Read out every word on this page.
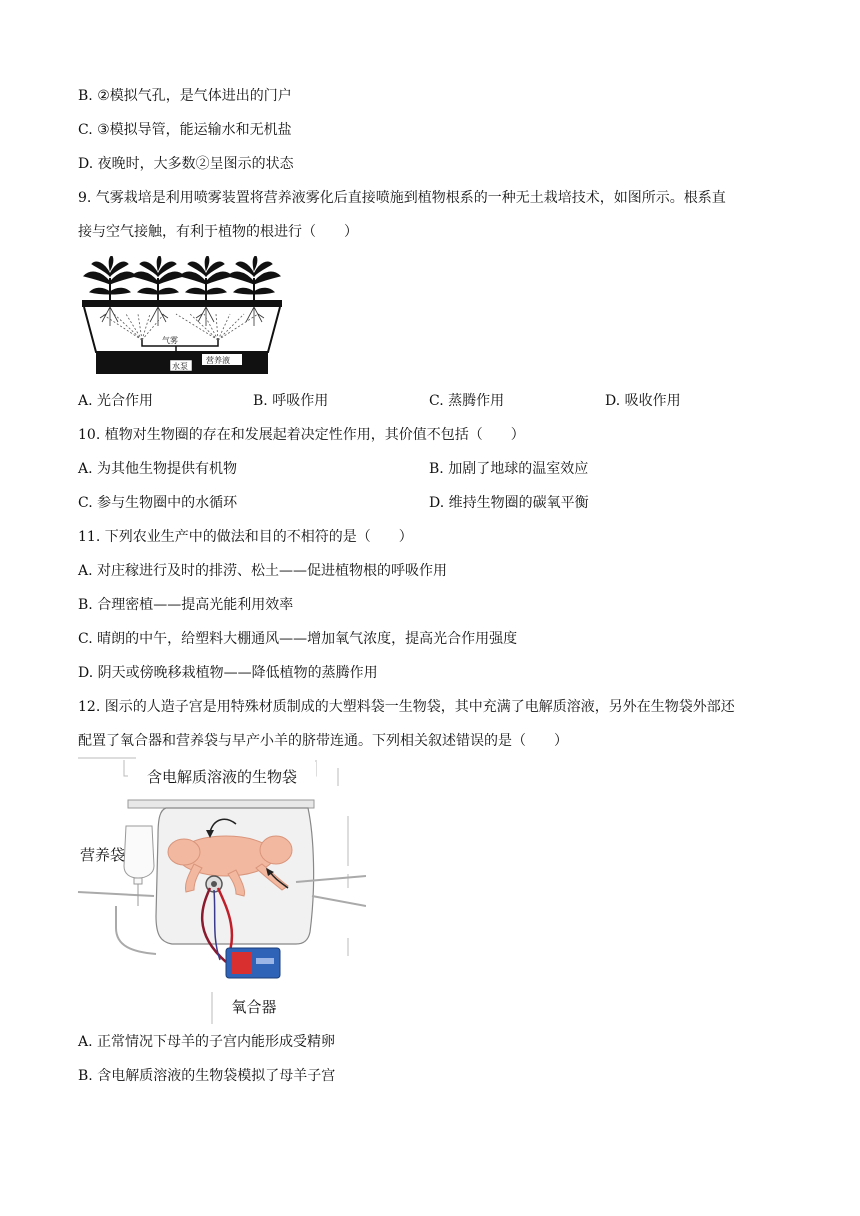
B. ②模拟气孔，是气体进出的门户
C. ③模拟导管，能运输水和无机盐
D. 夜晚时，大多数②呈图示的状态
9. 气雾栽培是利用喷雾装置将营养液雾化后直接喷施到植物根系的一种无土栽培技术，如图所示。根系直
接与空气接触，有利于植物的根进行（　　）
气雾
营养液
水泵
A. 光合作用	B. 呼吸作用	C. 蒸腾作用	D. 吸收作用
10. 植物对生物圈的存在和发展起着决定性作用，其价值不包括（　　）
A. 为其他生物提供有机物	B. 加剧了地球的温室效应
C. 参与生物圈中的水循环	D. 维持生物圈的碳氧平衡
11. 下列农业生产中的做法和目的不相符的是（　　）
A. 对庄稼进行及时的排涝、松土——促进植物根的呼吸作用
B. 合理密植——提高光能利用效率
C. 晴朗的中午，给塑料大棚通风——增加氧气浓度，提高光合作用强度
D. 阴天或傍晚移栽植物——降低植物的蒸腾作用
12. 图示的人造子宫是用特殊材质制成的大塑料袋一生物袋，其中充满了电解质溶液，另外在生物袋外部还
配置了氧合器和营养袋与早产小羊的脐带连通。下列相关叙述错误的是（　　）
含电解质溶液的生物袋
营养袋
氧合器
A. 正常情况下母羊的子宫内能形成受精卵
B. 含电解质溶液的生物袋模拟了母羊子宫
